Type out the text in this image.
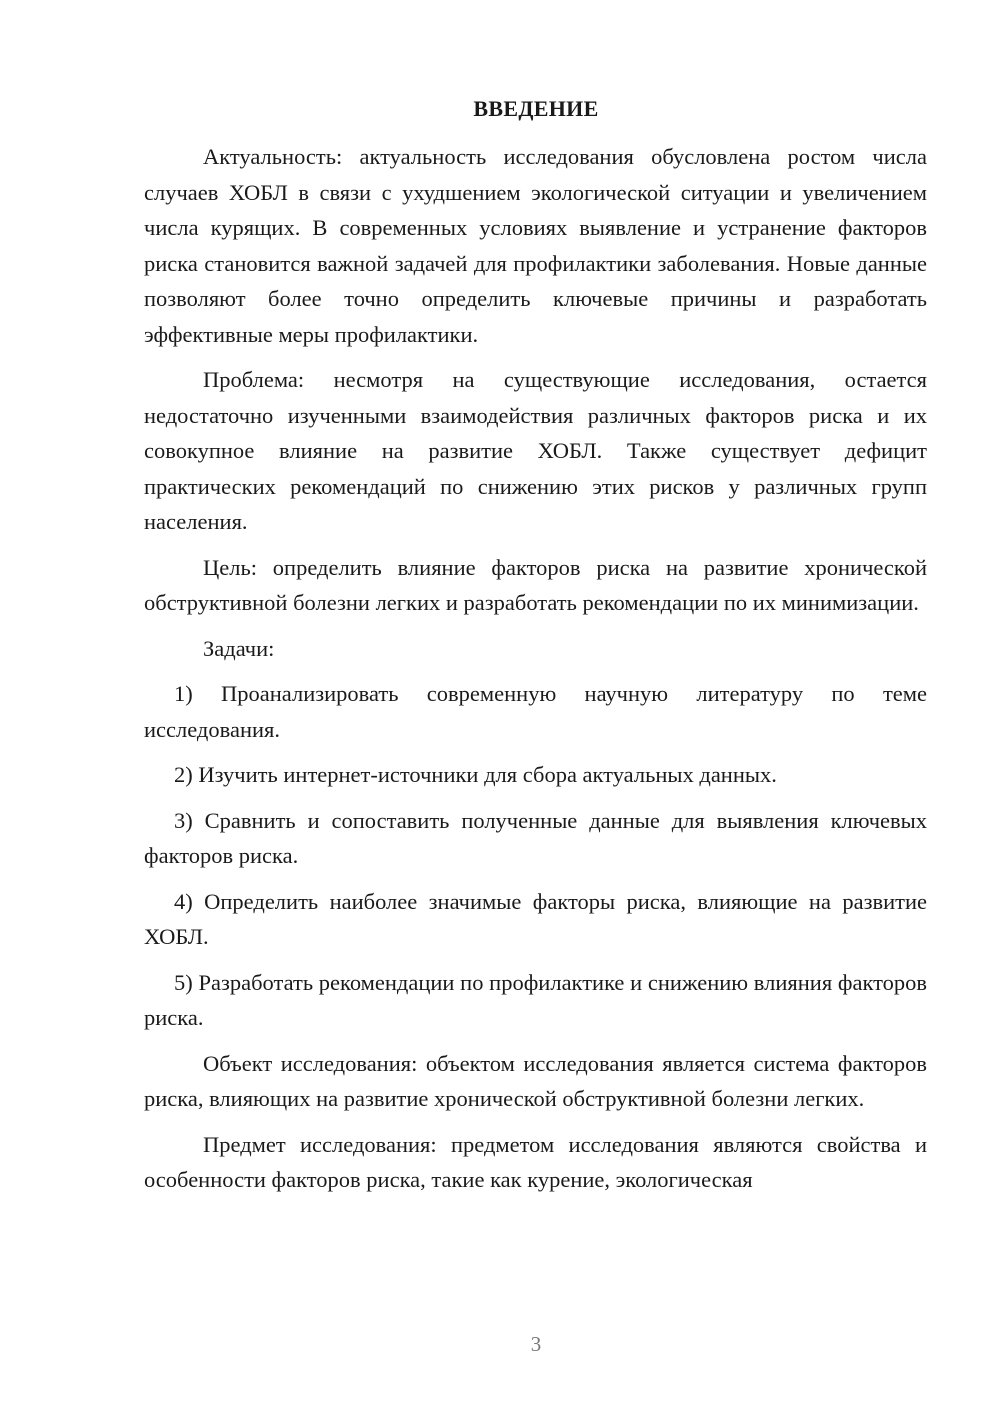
ВВЕДЕНИЕ

Актуальность: актуальность исследования обусловлена ростом числа случаев ХОБЛ в связи с ухудшением экологической ситуации и увеличением числа курящих. В современных условиях выявление и устранение факторов риска становится важной задачей для профилактики заболевания. Новые данные позволяют более точно определить ключевые причины и разработать эффективные меры профилактики.

Проблема: несмотря на существующие исследования, остается недостаточно изученными взаимодействия различных факторов риска и их совокупное влияние на развитие ХОБЛ. Также существует дефицит практических рекомендаций по снижению этих рисков у различных групп населения.

Цель: определить влияние факторов риска на развитие хронической обструктивной болезни легких и разработать рекомендации по их минимизации.

Задачи:

1) Проанализировать современную научную литературу по теме исследования.

2) Изучить интернет-источники для сбора актуальных данных.

3) Сравнить и сопоставить полученные данные для выявления ключевых факторов риска.

4) Определить наиболее значимые факторы риска, влияющие на развитие ХОБЛ.

5) Разработать рекомендации по профилактике и снижению влияния факторов риска.

Объект исследования: объектом исследования является система факторов риска, влияющих на развитие хронической обструктивной болезни легких.

Предмет исследования: предметом исследования являются свойства и особенности факторов риска, такие как курение, экологическая

3
